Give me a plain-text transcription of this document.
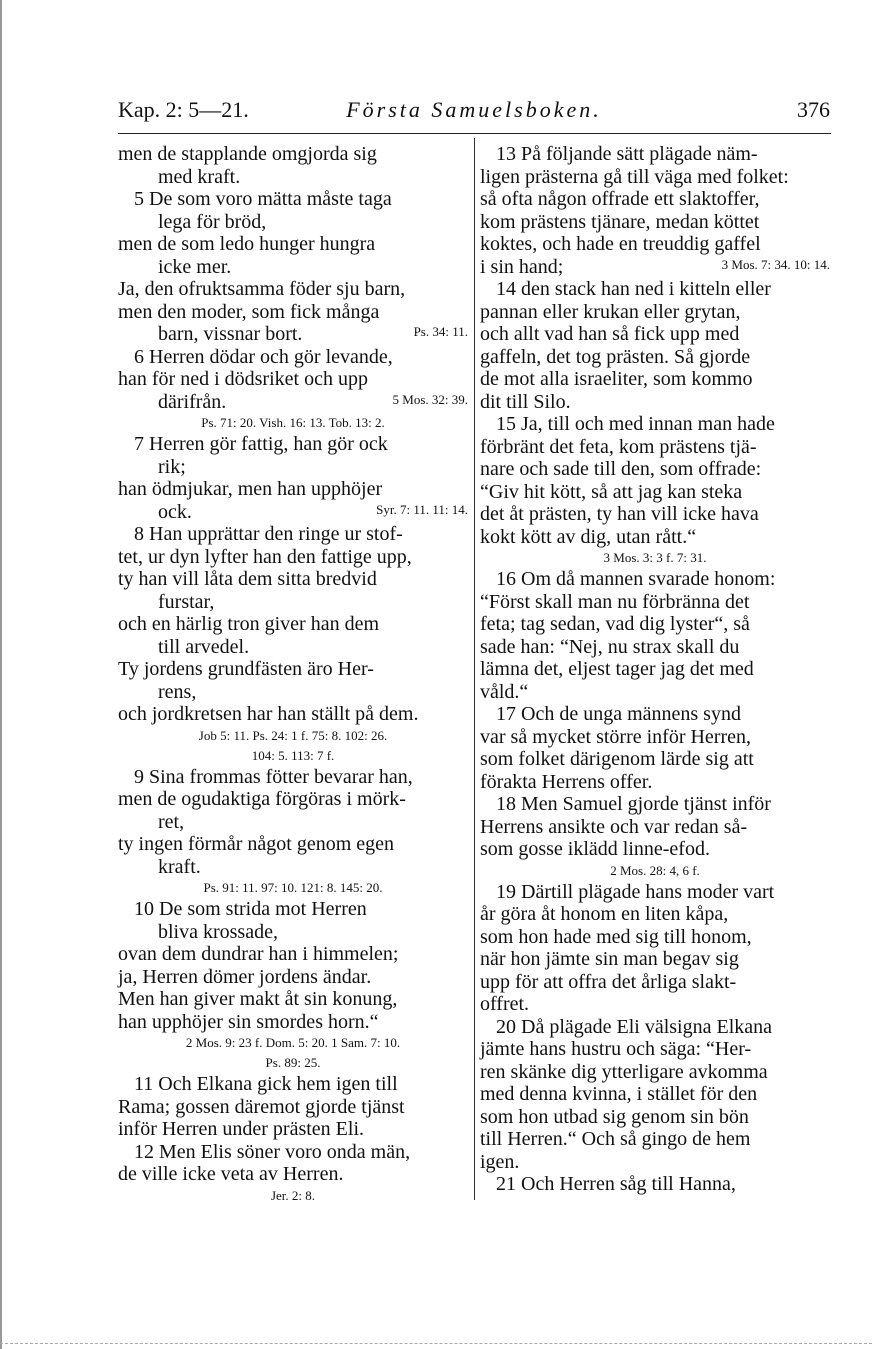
Kap. 2: 5—21.	Första Samuelsboken.	376

men de stapplande omgjorda sig

med kraft.

5 De som voro mätta måste taga

lega för bröd,

men de som ledo hunger hungra

icke mer.

Ja, den ofruktsamma föder sju barn,

men den moder, som fick många

barn, vissnar bort.	Ps. 34: 11.

6 Herren dödar och gör levande,

han för ned i dödsriket och upp

därifrån.	5 Mos. 32: 39.

Ps. 71: 20. Vish. 16: 13. Tob. 13: 2.

7 Herren gör fattig, han gör ock

rik;

han ödmjukar, men han upphöjer

ock.	Syr. 7: 11. 11: 14.

8 Han upprättar den ringe ur stof-

tet, ur dyn lyfter han den fattige upp,

ty han vill låta dem sitta bredvid

furstar,

och en härlig tron giver han dem

till arvedel.

Ty jordens grundfästen äro Her-

rens,

och jordkretsen har han ställt på dem.

Job 5: 11. Ps. 24: 1 f. 75: 8. 102: 26.

104: 5. 113: 7 f.

9 Sina frommas fötter bevarar han,

men de ogudaktiga förgöras i mörk-

ret,

ty ingen förmår något genom egen

kraft.

Ps. 91: 11. 97: 10. 121: 8. 145: 20.

10 De som strida mot Herren

bliva krossade,

ovan dem dundrar han i himmelen;

ja, Herren dömer jordens ändar.

Men han giver makt åt sin konung,

han upphöjer sin smordes horn.“

2 Mos. 9: 23 f. Dom. 5: 20. 1 Sam. 7: 10.

Ps. 89: 25.

11 Och Elkana gick hem igen till

Rama; gossen däremot gjorde tjänst

inför Herren under prästen Eli.

12 Men Elis söner voro onda män,

de ville icke veta av Herren.

Jer. 2: 8.

13 På följande sätt plägade näm-

ligen prästerna gå till väga med folket:

så ofta någon offrade ett slaktoffer,

kom prästens tjänare, medan köttet

koktes, och hade en treuddig gaffel

i sin hand;	3 Mos. 7: 34. 10: 14.

14 den stack han ned i kitteln eller

pannan eller krukan eller grytan,

och allt vad han så fick upp med

gaffeln, det tog prästen. Så gjorde

de mot alla israeliter, som kommo

dit till Silo.

15 Ja, till och med innan man hade

förbränt det feta, kom prästens tjä-

nare och sade till den, som offrade:

“Giv hit kött, så att jag kan steka

det åt prästen, ty han vill icke hava

kokt kött av dig, utan rått.“

3 Mos. 3: 3 f. 7: 31.

16 Om då mannen svarade honom:

“Först skall man nu förbränna det

feta; tag sedan, vad dig lyster“, så

sade han: “Nej, nu strax skall du

lämna det, eljest tager jag det med

våld.“

17 Och de unga männens synd

var så mycket större inför Herren,

som folket därigenom lärde sig att

förakta Herrens offer.

18 Men Samuel gjorde tjänst inför

Herrens ansikte och var redan så-

som gosse iklädd linne-efod.

2 Mos. 28: 4, 6 f.

19 Därtill plägade hans moder vart

år göra åt honom en liten kåpa,

som hon hade med sig till honom,

när hon jämte sin man begav sig

upp för att offra det årliga slakt-

offret.

20 Då plägade Eli välsigna Elkana

jämte hans hustru och säga: “Her-

ren skänke dig ytterligare avkomma

med denna kvinna, i stället för den

som hon utbad sig genom sin bön

till Herren.“ Och så gingo de hem

igen.

21 Och Herren såg till Hanna,
